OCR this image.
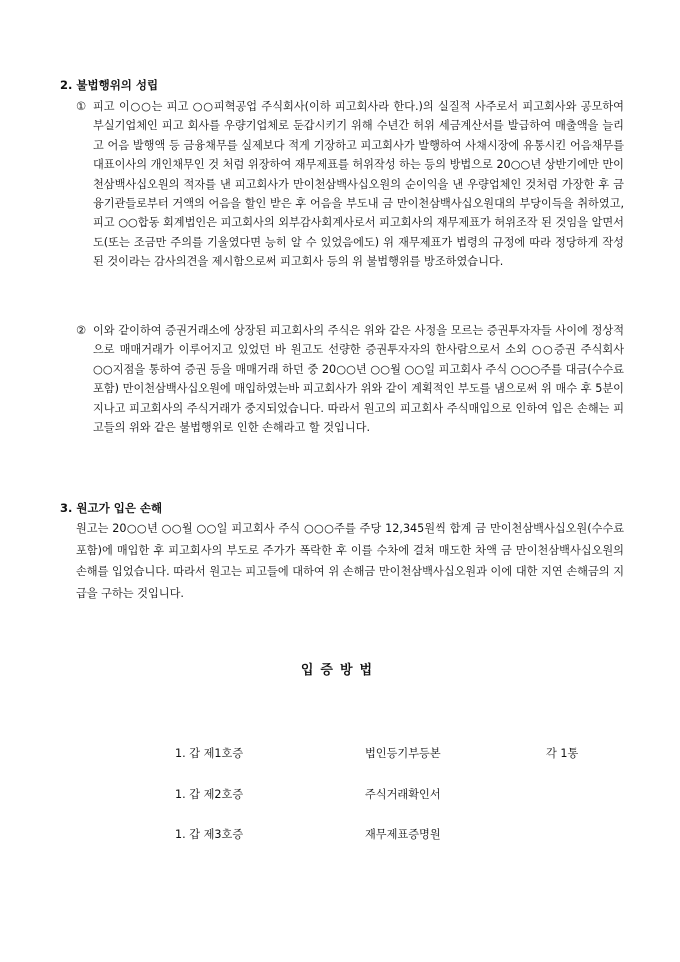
2. 불법행위의 성립
① 피고 이○○는 피고 ○○피혁공업 주식회사(이하 피고회사라 한다.)의 실질적 사주로서 피고회사와 공모하여 부실기업체인 피고 회사를 우량기업체로 둔갑시키기 위해 수년간 허위 세금계산서를 발급하여 매출액을 늘리고 어음 발행액 등 금융채무를 실제보다 적게 기장하고 피고회사가 발행하여 사채시장에 유통시킨 어음채무를 대표이사의 개인채무인 것 처럼 위장하여 재무제표를 허위작성 하는 등의 방법으로 20○○년 상반기에만 만이천삼백사십오원의 적자를 낸 피고회사가 만이천삼백사십오원의 순이익을 낸 우량업체인 것처럼 가장한 후 금융기관들로부터 거액의 어음을 할인 받은 후 어음을 부도내 금 만이천삼백사십오원대의 부당이득을 취하였고, 피고 ○○합동 회계법인은 피고회사의 외부감사회계사로서 피고회사의 재무제표가 허위조작 된 것임을 알면서도(또는 조금만 주의를 기울였다면 능히 알 수 있었음에도) 위 재무제표가 법령의 규정에 따라 정당하게 작성된 것이라는 감사의견을 제시함으로써 피고회사 등의 위 불법행위를 방조하였습니다.
② 이와 같이하여 증권거래소에 상장된 피고회사의 주식은 위와 같은 사정을 모르는 증권투자자들 사이에 정상적으로 매매거래가 이루어지고 있었던 바 원고도 선량한 증권투자자의 한사람으로서 소외 ○○증권 주식회사 ○○지점을 통하여 증권 등을 매매거래 하던 중 20○○년 ○○월 ○○일 피고회사 주식 ○○○주를 대금(수수료 포함) 만이천삼백사십오원에 매입하였는바 피고회사가 위와 같이 계획적인 부도를 냄으로써 위 매수 후 5분이 지나고 피고회사의 주식거래가 중지되었습니다. 따라서 원고의 피고회사 주식매입으로 인하여 입은 손해는 피고들의 위와 같은 불법행위로 인한 손해라고 할 것입니다.
3. 원고가 입은 손해
원고는 20○○년 ○○월 ○○일 피고회사 주식 ○○○주를 주당 12,345원씩 합계 금 만이천삼백사십오원(수수료포함)에 매입한 후 피고회사의 부도로 주가가 폭락한 후 이를 수차에 걸쳐 매도한 차액 금 만이천삼백사십오원의 손해를 입었습니다. 따라서 원고는 피고들에 대하여 위 손해금 만이천삼백사십오원과 이에 대한 지연 손해금의 지급을 구하는 것입니다.
입증방법
1. 갑 제1호증	법인등기부등본	각 1통
1. 갑 제2호증	주식거래확인서
1. 갑 제3호증	재무제표증명원
